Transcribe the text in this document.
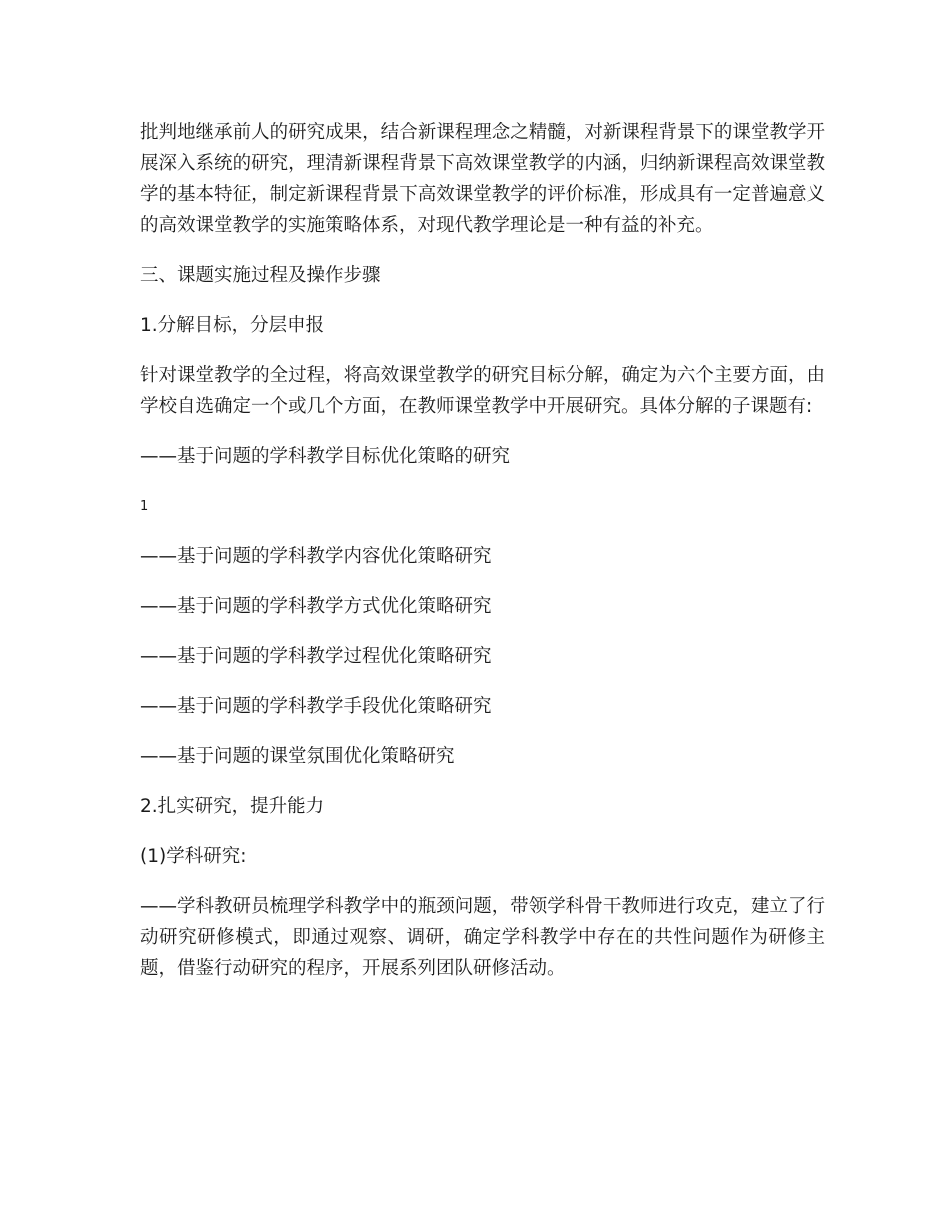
批判地继承前人的研究成果，结合新课程理念之精髓，对新课程背景下的课堂教学开展深入系统的研究，理清新课程背景下高效课堂教学的内涵，归纳新课程高效课堂教学的基本特征，制定新课程背景下高效课堂教学的评价标准，形成具有一定普遍意义的高效课堂教学的实施策略体系，对现代教学理论是一种有益的补充。

三、课题实施过程及操作步骤

1.分解目标，分层申报

针对课堂教学的全过程，将高效课堂教学的研究目标分解，确定为六个主要方面，由学校自选确定一个或几个方面，在教师课堂教学中开展研究。具体分解的子课题有:

——基于问题的学科教学目标优化策略的研究

1

——基于问题的学科教学内容优化策略研究

——基于问题的学科教学方式优化策略研究

——基于问题的学科教学过程优化策略研究

——基于问题的学科教学手段优化策略研究

——基于问题的课堂氛围优化策略研究

2.扎实研究，提升能力

(1)学科研究:

——学科教研员梳理学科教学中的瓶颈问题，带领学科骨干教师进行攻克，建立了行动研究研修模式，即通过观察、调研，确定学科教学中存在的共性问题作为研修主题，借鉴行动研究的程序，开展系列团队研修活动。
